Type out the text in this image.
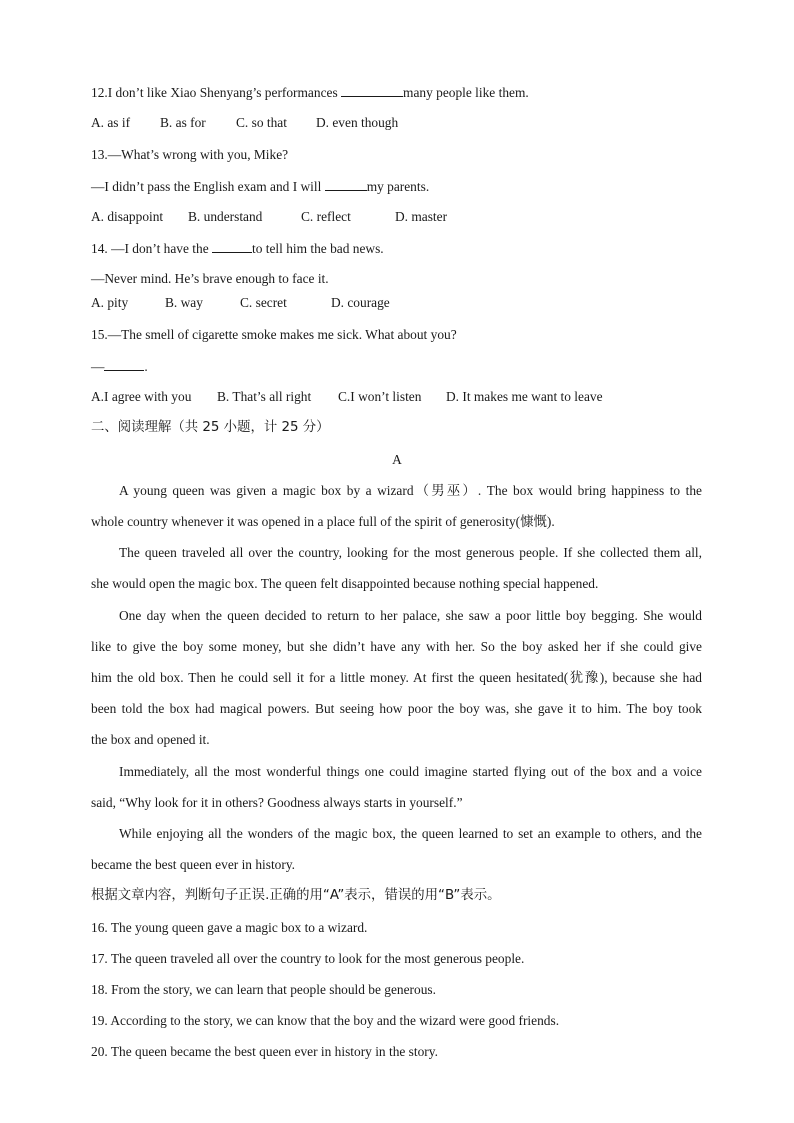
12.I don’t like Xiao Shenyang’s performances	many people like them.
A. as if B. as for C. so that D. even though
13.—What’s wrong with you, Mike?
—I didn’t pass the English exam and I will	my parents.
A. disappoint B. understand	C. reflect	D. master
14. —I don’t have the	to tell him the bad news.
—Never mind. He’s brave enough to face it.
A. pity	B. way	C. secret	D. courage
15.—The smell of cigarette smoke makes me sick. What about you?
—	.
A.I agree with you B. That’s all right C.I won’t listen D. It makes me want to leave
二、阅读理解（共 25 小题，计 25 分）
A
A young queen was given a magic box by a wizard（男巫）. The box would bring happiness to the
whole country whenever it was opened in a place full of the spirit of generosity(慷慨).
The queen traveled all over the country, looking for the most generous people. If she collected them all,
she would open the magic box. The queen felt disappointed because nothing special happened.
One day when the queen decided to return to her palace, she saw a poor little boy begging. She would
like to give the boy some money, but she didn’t have any with her. So the boy asked her if she could give
him the old box. Then he could sell it for a little money. At first the queen hesitated(犹豫), because she had
been told the box had magical powers. But seeing how poor the boy was, she gave it to him. The boy took
the box and opened it.
Immediately, all the most wonderful things one could imagine started flying out of the box and a voice
said, “Why look for it in others? Goodness always starts in yourself.”
While enjoying all the wonders of the magic box, the queen learned to set an example to others, and the
became the best queen ever in history.
根据文章内容，判断句子正误.正确的用“A”表示，错误的用“B”表示。
16. The young queen gave a magic box to a wizard.
17. The queen traveled all over the country to look for the most generous people.
18. From the story, we can learn that people should be generous.
19. According to the story, we can know that the boy and the wizard were good friends.
20. The queen became the best queen ever in history in the story.
